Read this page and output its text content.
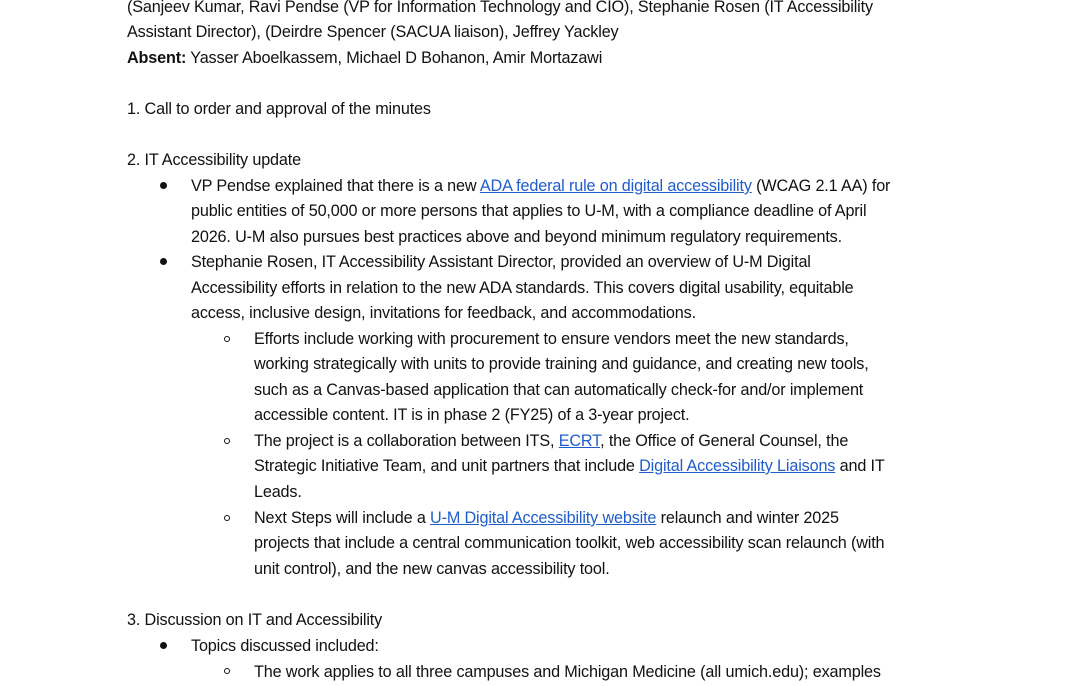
(Sanjeev Kumar, Ravi Pendse (VP for Information Technology and CIO), Stephanie Rosen (IT Accessibility
Assistant Director), (Deirdre Spencer (SACUA liaison), Jeffrey Yackley
Absent: Yasser Aboelkassem, Michael D Bohanon, Amir Mortazawi
1. Call to order and approval of the minutes
2. IT Accessibility update
VP Pendse explained that there is a new ADA federal rule on digital accessibility (WCAG 2.1 AA) for
public entities of 50,000 or more persons that applies to U-M, with a compliance deadline of April
2026. U-M also pursues best practices above and beyond minimum regulatory requirements.
Stephanie Rosen, IT Accessibility Assistant Director, provided an overview of U-M Digital
Accessibility efforts in relation to the new ADA standards. This covers digital usability, equitable
access, inclusive design, invitations for feedback, and accommodations.
Efforts include working with procurement to ensure vendors meet the new standards,
working strategically with units to provide training and guidance, and creating new tools,
such as a Canvas-based application that can automatically check-for and/or implement
accessible content. IT is in phase 2 (FY25) of a 3-year project.
The project is a collaboration between ITS, ECRT, the Office of General Counsel, the
Strategic Initiative Team, and unit partners that include Digital Accessibility Liaisons and IT
Leads.
Next Steps will include a U-M Digital Accessibility website relaunch and winter 2025
projects that include a central communication toolkit, web accessibility scan relaunch (with
unit control), and the new canvas accessibility tool.
3. Discussion on IT and Accessibility
Topics discussed included:
The work applies to all three campuses and Michigan Medicine (all umich.edu); examples
